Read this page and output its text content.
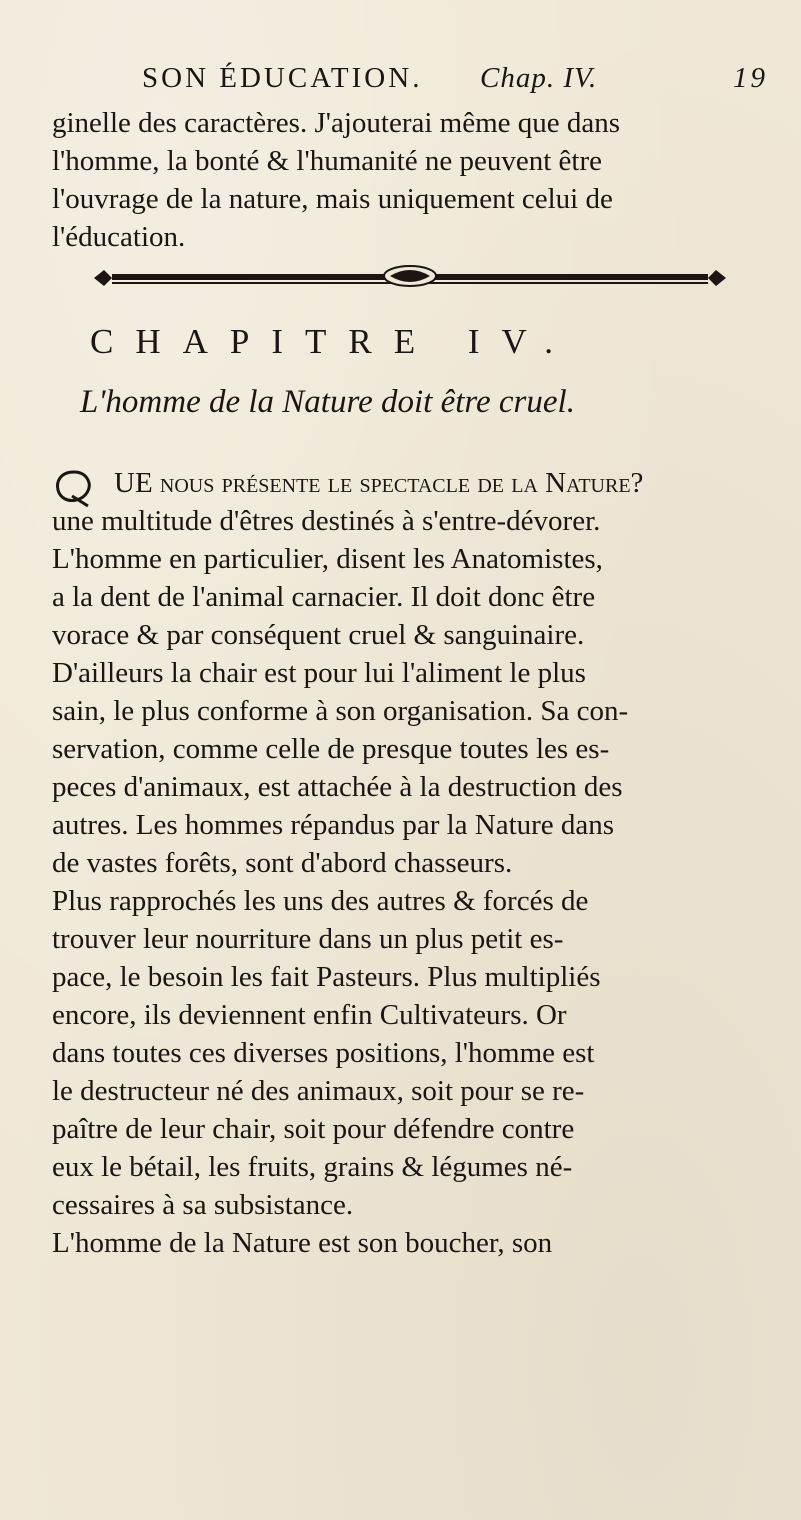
SON ÉDUCATION. Chap. IV.	19
ginelle des caractères. J'ajouterai même que dans
l'homme, la bonté & l'humanité ne peuvent être
l'ouvrage de la nature, mais uniquement celui de
l'éducation.
CHAPITRE IV.
L'homme de la Nature doit être cruel.
UE nous présente le spectacle de la Nature?
une multitude d'êtres destinés à s'entre-dévorer.
L'homme en particulier, disent les Anatomistes,
a la dent de l'animal carnacier. Il doit donc être
vorace & par conséquent cruel & sanguinaire.
D'ailleurs la chair est pour lui l'aliment le plus
sain, le plus conforme à son organisation. Sa con-
servation, comme celle de presque toutes les es-
peces d'animaux, est attachée à la destruction des
autres. Les hommes répandus par la Nature dans
de vastes forêts, sont d'abord chasseurs.
Plus rapprochés les uns des autres & forcés de
trouver leur nourriture dans un plus petit es-
pace, le besoin les fait Pasteurs. Plus multipliés
encore, ils deviennent enfin Cultivateurs. Or
dans toutes ces diverses positions, l'homme est
le destructeur né des animaux, soit pour se re-
paître de leur chair, soit pour défendre contre
eux le bétail, les fruits, grains & légumes né-
cessaires à sa subsistance.
L'homme de la Nature est son boucher, son
